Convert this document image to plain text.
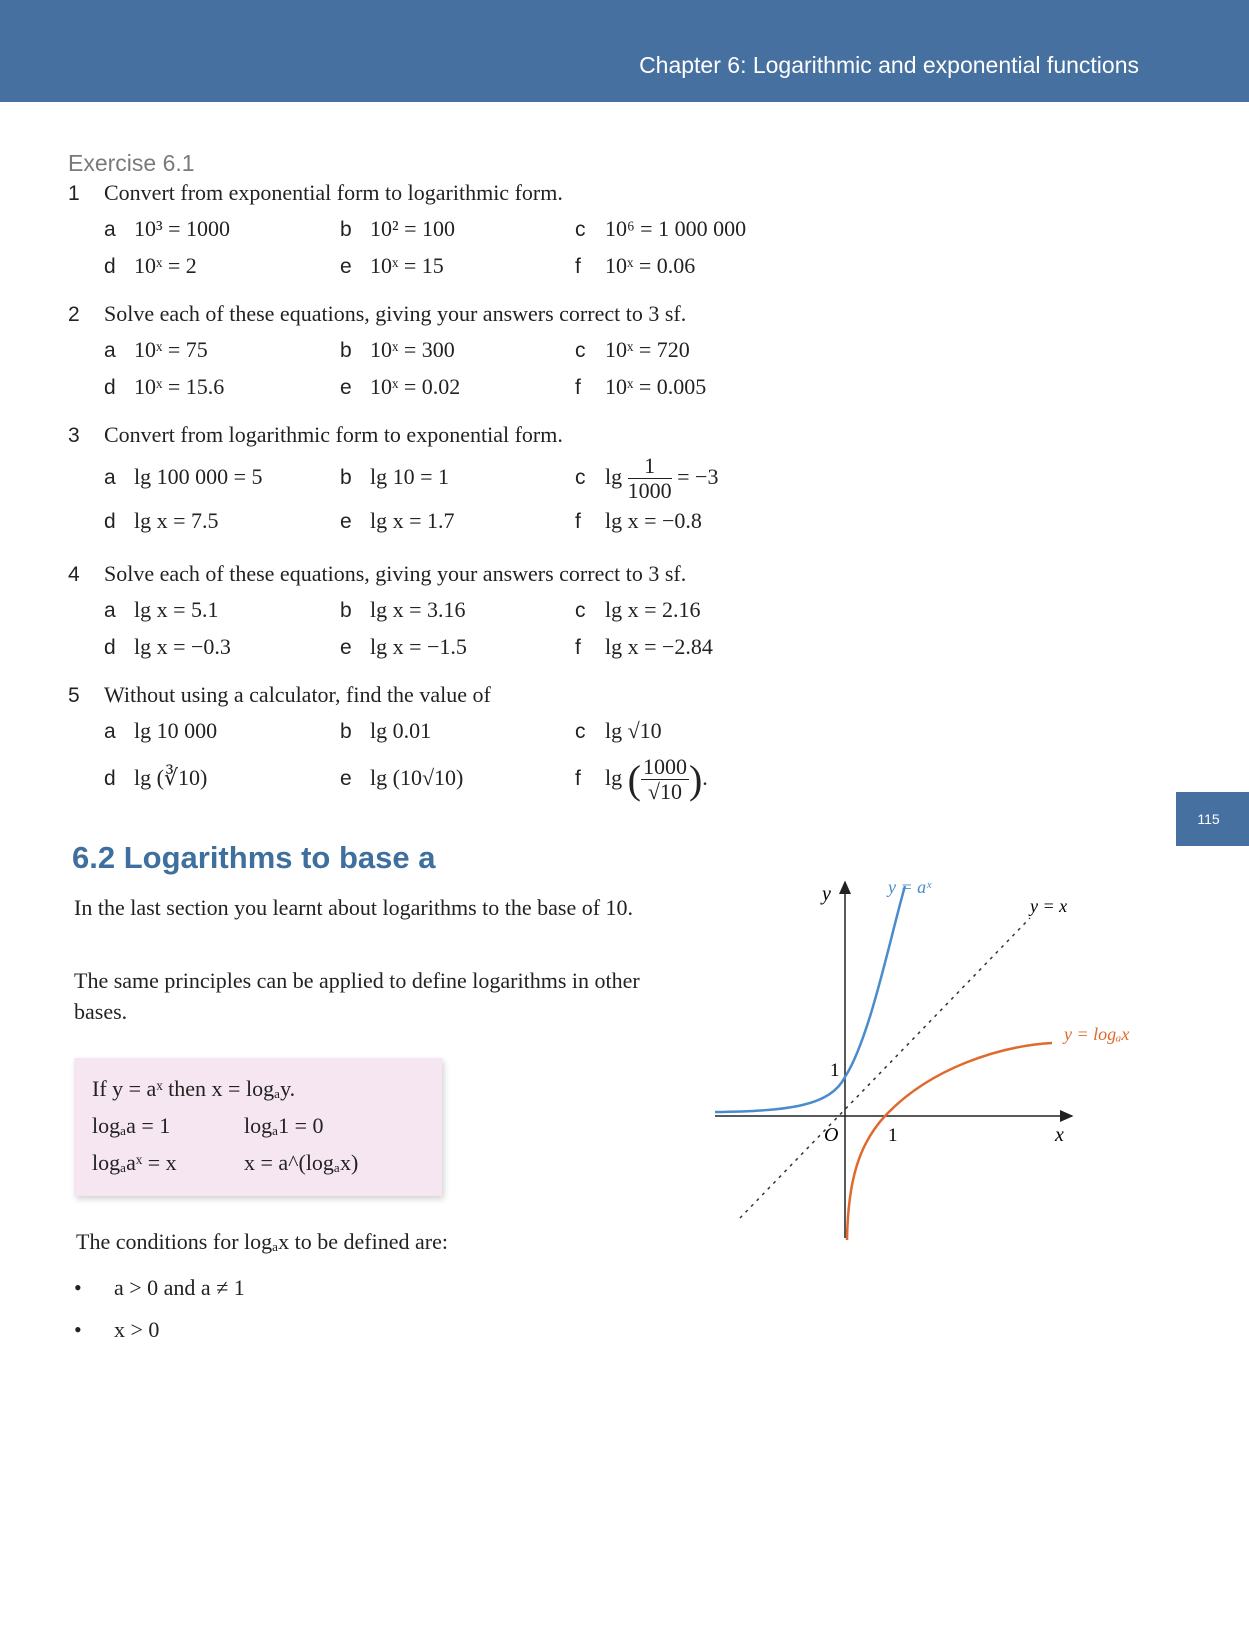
Chapter 6: Logarithmic and exponential functions
115
Exercise 6.1
1 Convert from exponential form to logarithmic form.
a 10³ = 1000	b 10² = 100	c 10⁶ = 1 000 000
d 10ˣ = 2	e 10ˣ = 15	f 10ˣ = 0.06
2 Solve each of these equations, giving your answers correct to 3 sf.
a 10ˣ = 75	b 10ˣ = 300	c 10ˣ = 720
d 10ˣ = 15.6	e 10ˣ = 0.02	f 10ˣ = 0.005
3 Convert from logarithmic form to exponential form.
a lg 100 000 = 5	b lg 10 = 1	c $\lg \frac{1}{1000} = -3$
d lg x = 7.5	e lg x = 1.7	f lg x = −0.8
4 Solve each of these equations, giving your answers correct to 3 sf.
a lg x = 5.1	b lg x = 3.16	c lg x = 2.16
d lg x = −0.3	e lg x = −1.5	f lg x = −2.84
5 Without using a calculator, find the value of
a lg 10 000	b lg 0.01	c lg √10
d lg (∛10)	e lg (10√10)	f lg ( $\frac{1000}{√10}$ ).
6.2 Logarithms to base a
In the last section you learnt about logarithms to the base of 10.
The same principles can be applied to define logarithms in other bases.
If y = aˣ then x = logₐy.
logₐa = 1	logₐ1 = 0
logₐaˣ = x	x = a^(logₐx)
The conditions for logₐx to be defined are:
• a > 0 and a ≠ 1
• x > 0
y
x
O
1
1
y = aˣ
y = x
y = logₐx
